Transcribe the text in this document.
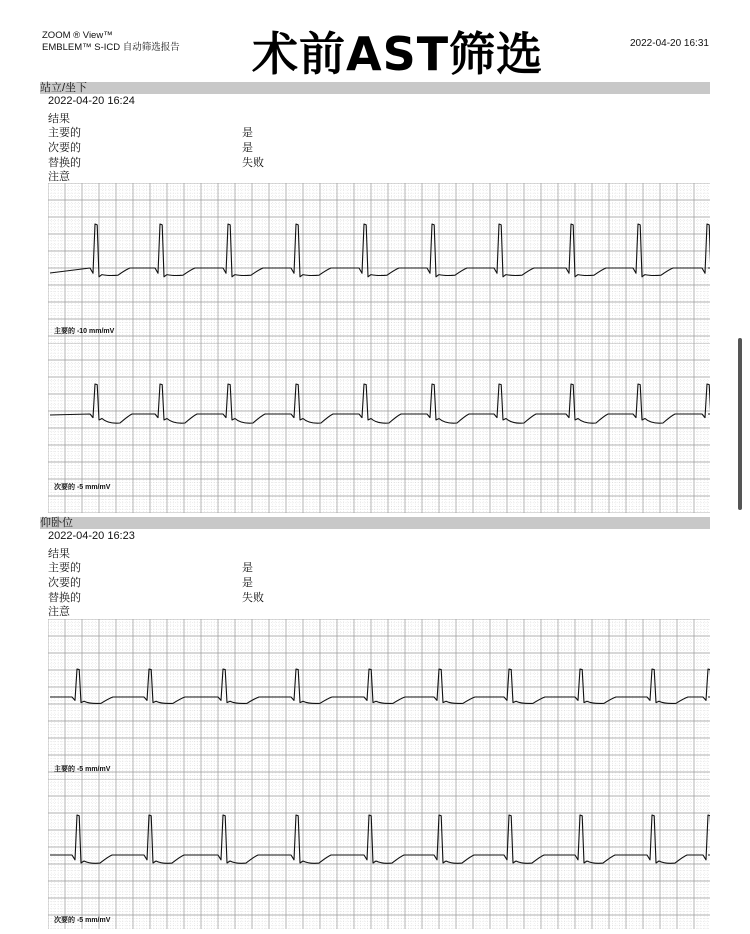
ZOOM ® View™
EMBLEM™ S-ICD 自动筛选报告 术前AST筛选	2022-04-20 16:31
站立/坐下
2022-04-20 16:24
结果
主要的	是
次要的	是
替换的	失败
注意
主要的 -10 mm/mV
次要的 -5 mm/mV
仰卧位
2022-04-20 16:23
结果
主要的	是
次要的	是
替换的	失败
注意
主要的 -5 mm/mV
次要的 -5 mm/mV
